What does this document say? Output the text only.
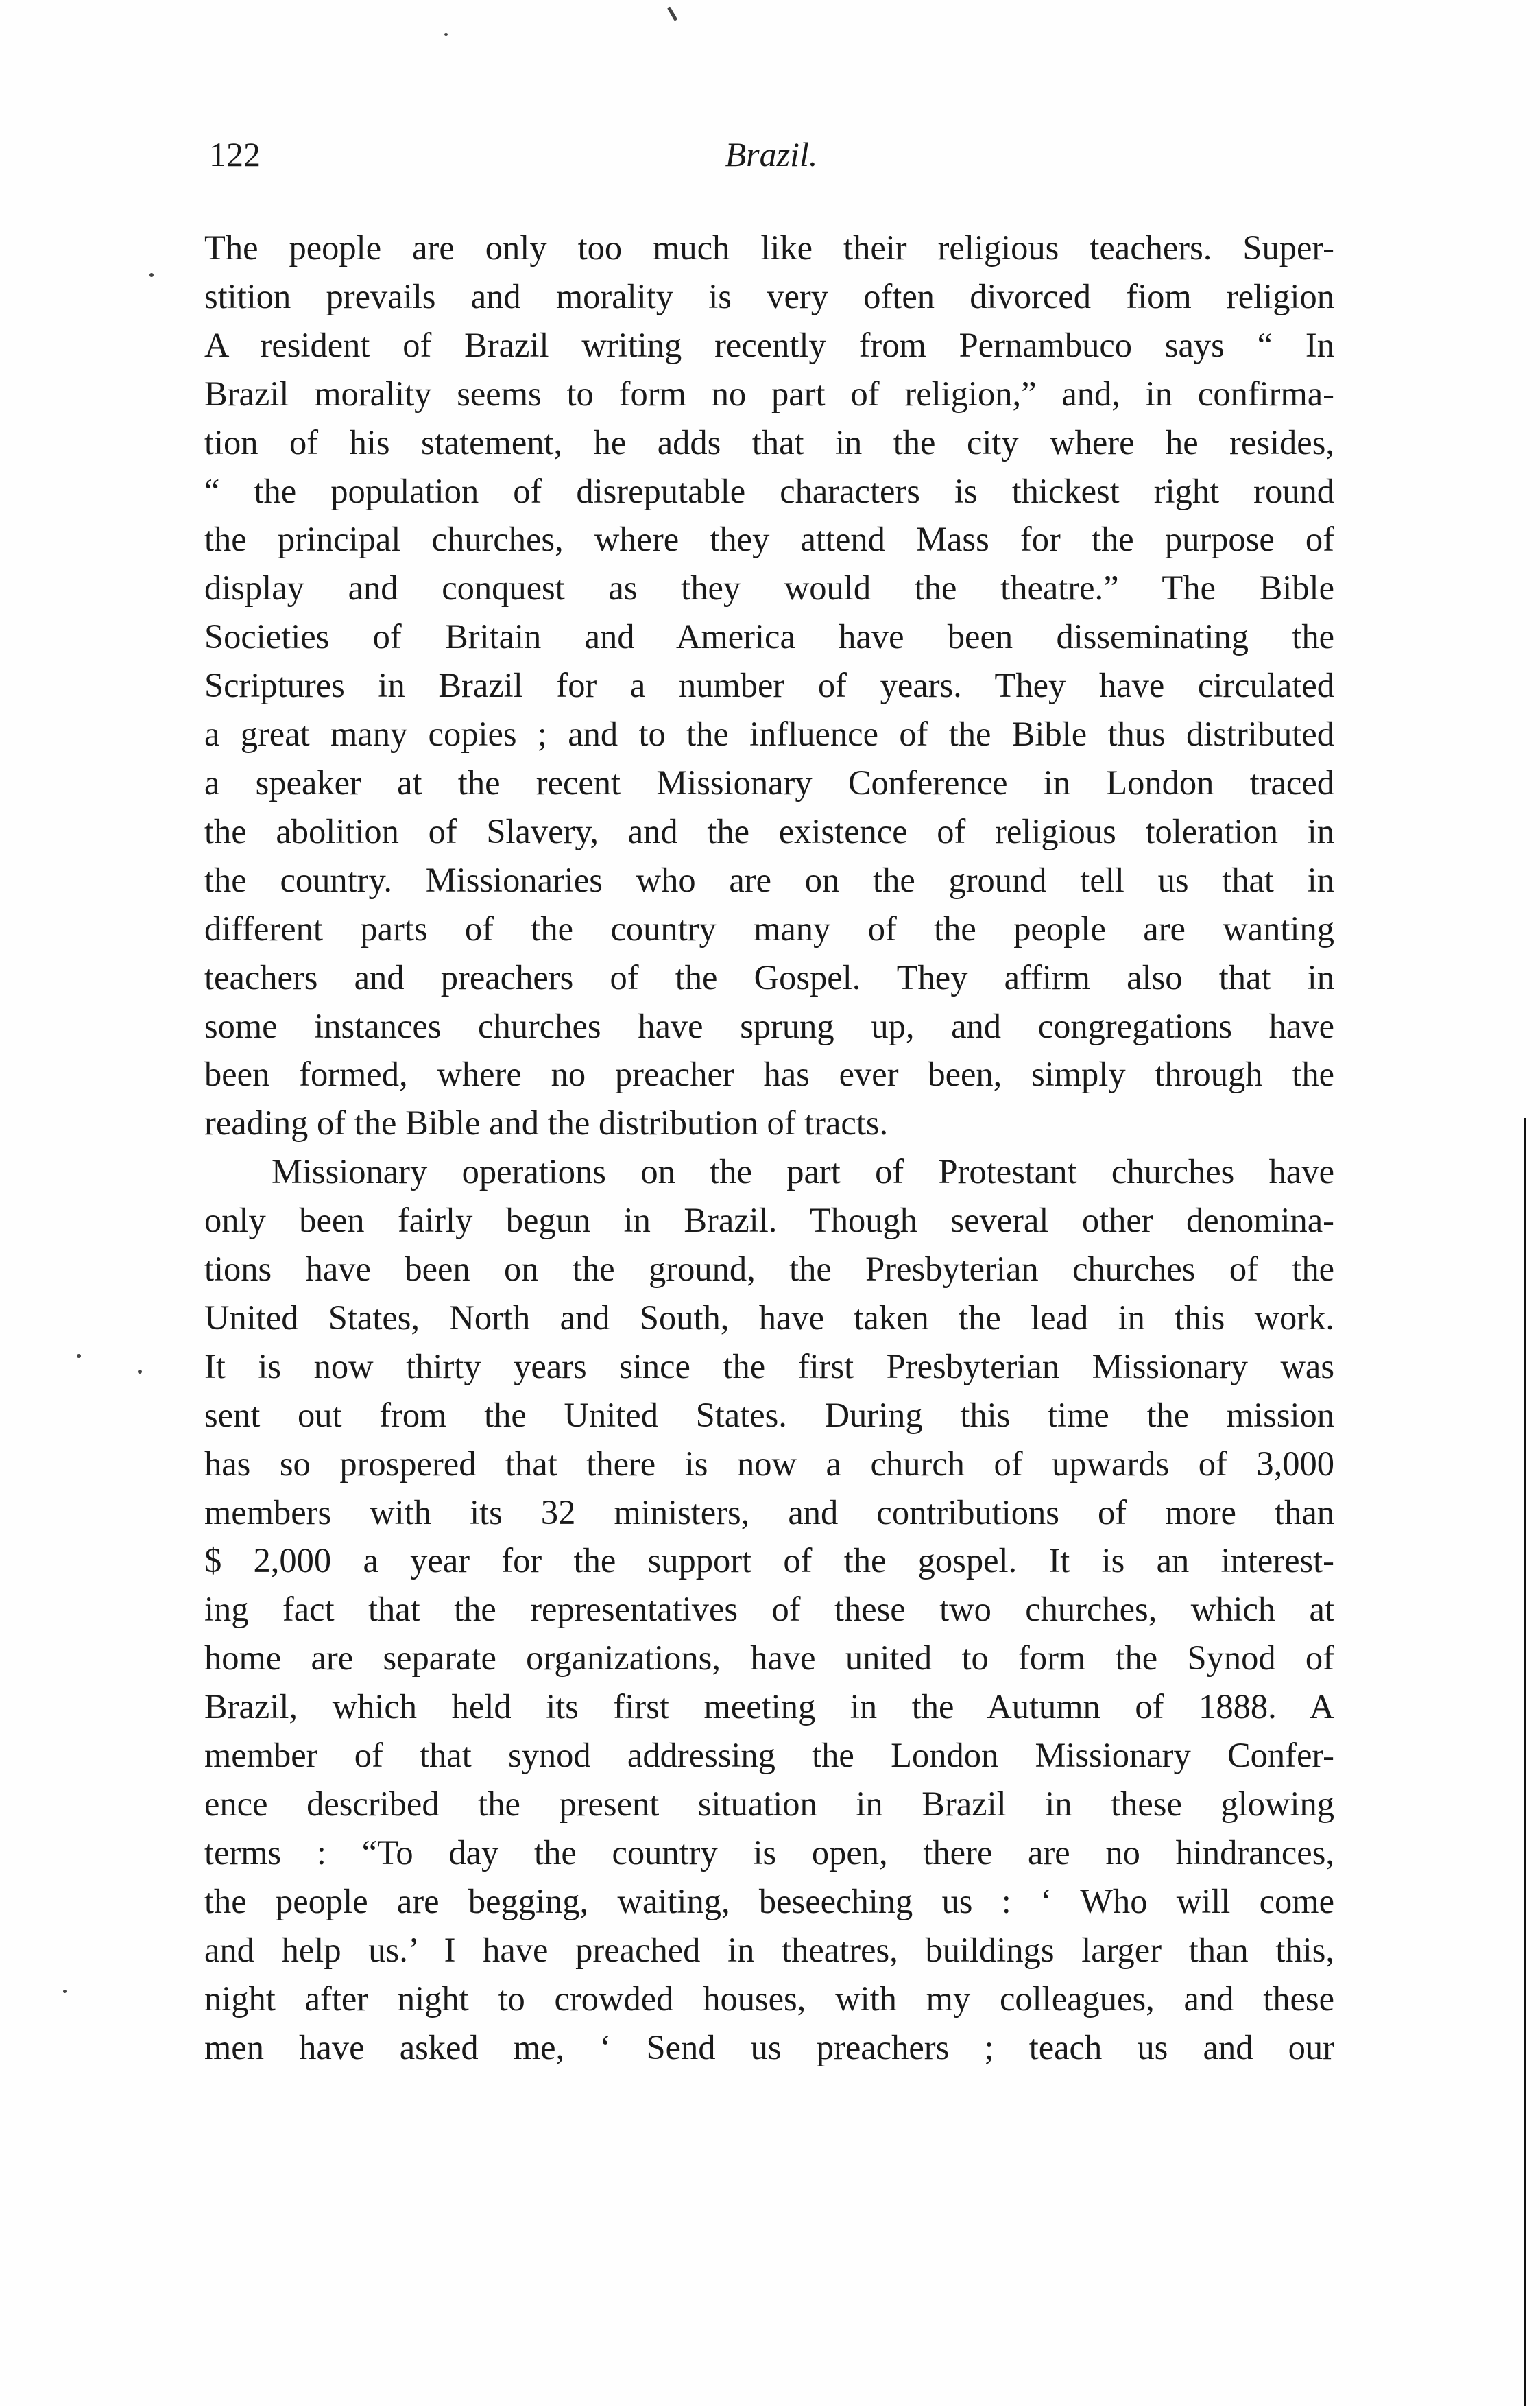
122	Brazil.
The people are only too much like their religious teachers. Super-
stition prevails and morality is very often divorced fiom religion
A resident of Brazil writing recently from Pernambuco says “ In
Brazil morality seems to form no part of religion,” and, in confirma-
tion of his statement, he adds that in the city where he resides,
“ the population of disreputable characters is thickest right round
the principal churches, where they attend Mass for the purpose of
display and conquest as they would the theatre.” The Bible
Societies of Britain and America have been disseminating the
Scriptures in Brazil for a number of years. They have circulated
a great many copies ; and to the influence of the Bible thus distributed
a speaker at the recent Missionary Conference in London traced
the abolition of Slavery, and the existence of religious toleration in
the country. Missionaries who are on the ground tell us that in
different parts of the country many of the people are wanting
teachers and preachers of the Gospel. They affirm also that in
some instances churches have sprung up, and congregations have
been formed, where no preacher has ever been, simply through the
reading of the Bible and the distribution of tracts.
Missionary operations on the part of Protestant churches have
only been fairly begun in Brazil. Though several other denomina-
tions have been on the ground, the Presbyterian churches of the
United States, North and South, have taken the lead in this work.
It is now thirty years since the first Presbyterian Missionary was
sent out from the United States. During this time the mission
has so prospered that there is now a church of upwards of 3,000
members with its 32 ministers, and contributions of more than
$ 2,000 a year for the support of the gospel. It is an interest-
ing fact that the representatives of these two churches, which at
home are separate organizations, have united to form the Synod of
Brazil, which held its first meeting in the Autumn of 1888. A
member of that synod addressing the London Missionary Confer-
ence described the present situation in Brazil in these glowing
terms : “To day the country is open, there are no hindrances,
the people are begging, waiting, beseeching us : ‘ Who will come
and help us.’ I have preached in theatres, buildings larger than this,
night after night to crowded houses, with my colleagues, and these
men have asked me, ‘ Send us preachers ; teach us and our
